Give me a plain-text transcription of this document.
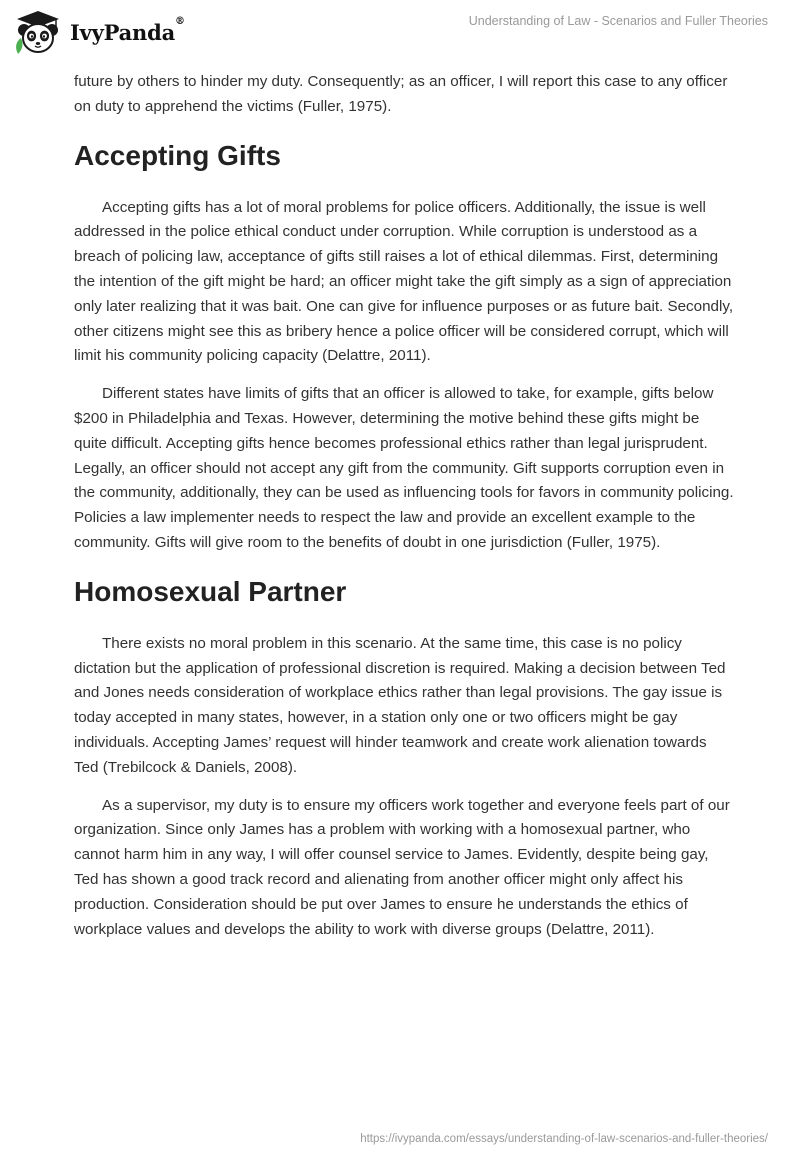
IvyPanda®	Understanding of Law - Scenarios and Fuller Theories

future by others to hinder my duty. Consequently; as an officer, I will report this case to any officer on duty to apprehend the victims (Fuller, 1975).

Accepting Gifts

Accepting gifts has a lot of moral problems for police officers. Additionally, the issue is well addressed in the police ethical conduct under corruption. While corruption is understood as a breach of policing law, acceptance of gifts still raises a lot of ethical dilemmas. First, determining the intention of the gift might be hard; an officer might take the gift simply as a sign of appreciation only later realizing that it was bait. One can give for influence purposes or as future bait. Secondly, other citizens might see this as bribery hence a police officer will be considered corrupt, which will limit his community policing capacity (Delattre, 2011).

Different states have limits of gifts that an officer is allowed to take, for example, gifts below $200 in Philadelphia and Texas. However, determining the motive behind these gifts might be quite difficult. Accepting gifts hence becomes professional ethics rather than legal jurisprudent. Legally, an officer should not accept any gift from the community. Gift supports corruption even in the community, additionally, they can be used as influencing tools for favors in community policing. Policies a law implementer needs to respect the law and provide an excellent example to the community. Gifts will give room to the benefits of doubt in one jurisdiction (Fuller, 1975).

Homosexual Partner

There exists no moral problem in this scenario. At the same time, this case is no policy dictation but the application of professional discretion is required. Making a decision between Ted and Jones needs consideration of workplace ethics rather than legal provisions. The gay issue is today accepted in many states, however, in a station only one or two officers might be gay individuals. Accepting James’ request will hinder teamwork and create work alienation towards Ted (Trebilcock & Daniels, 2008).

As a supervisor, my duty is to ensure my officers work together and everyone feels part of our organization. Since only James has a problem with working with a homosexual partner, who cannot harm him in any way, I will offer counsel service to James. Evidently, despite being gay, Ted has shown a good track record and alienating from another officer might only affect his production. Consideration should be put over James to ensure he understands the ethics of workplace values and develops the ability to work with diverse groups (Delattre, 2011).

https://ivypanda.com/essays/understanding-of-law-scenarios-and-fuller-theories/
